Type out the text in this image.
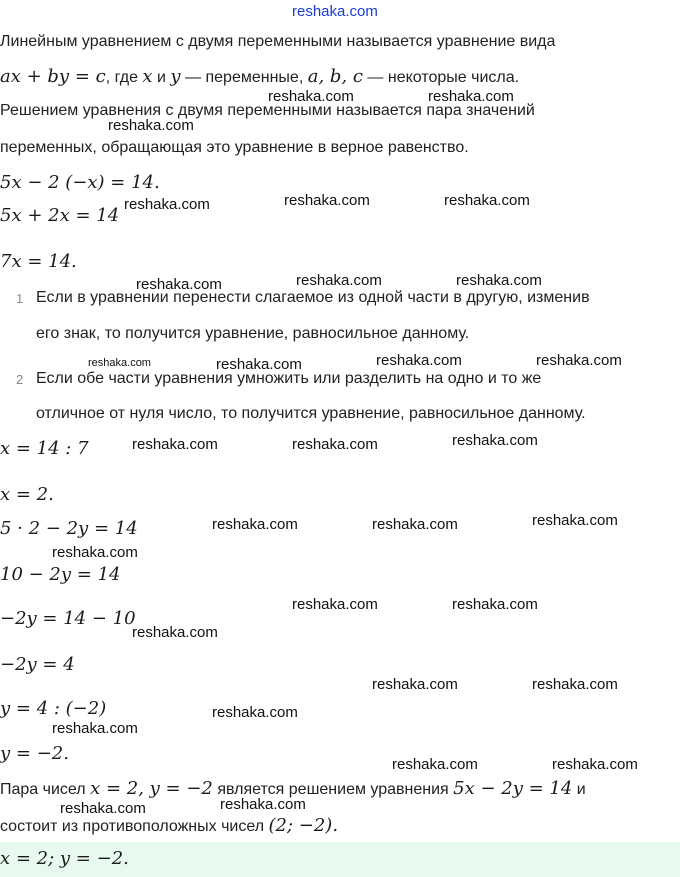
reshaka.com
Линейным уравнением с двумя переменными называется уравнение вида
ax + by = c, где x и y — переменные, a, b, c — некоторые числа.
Решением уравнения с двумя переменными называется пара значений
переменных, обращающая это уравнение в верное равенство.
5x − 2 (−x) = 14.
5x + 2x = 14
7x = 14.
1 Если в уравнении перенести слагаемое из одной части в другую, изменив
его знак, то получится уравнение, равносильное данному.
2 Если обе части уравнения умножить или разделить на одно и то же
отличное от нуля число, то получится уравнение, равносильное данному.
x = 14 : 7
x = 2.
5 · 2 − 2y = 14
10 − 2y = 14
−2y = 14 − 10
−2y = 4
y = 4 : (−2)
y = −2.
Пара чисел x = 2, y = −2 является решением уравнения 5x − 2y = 14 и
состоит из противоположных чисел (2; −2).
x = 2; y = −2.
reshaka.com	reshaka.com
reshaka.com
reshaka.com	reshaka.com	reshaka.com
reshaka.com	reshaka.com	reshaka.com
reshaka.com	reshaka.com	reshaka.com	reshaka.com
reshaka.com	reshaka.com	reshaka.com
reshaka.com	reshaka.com	reshaka.com
reshaka.com
reshaka.com	reshaka.com
reshaka.com
reshaka.com	reshaka.com
reshaka.com
reshaka.com
reshaka.com	reshaka.com
reshaka.com	reshaka.com
